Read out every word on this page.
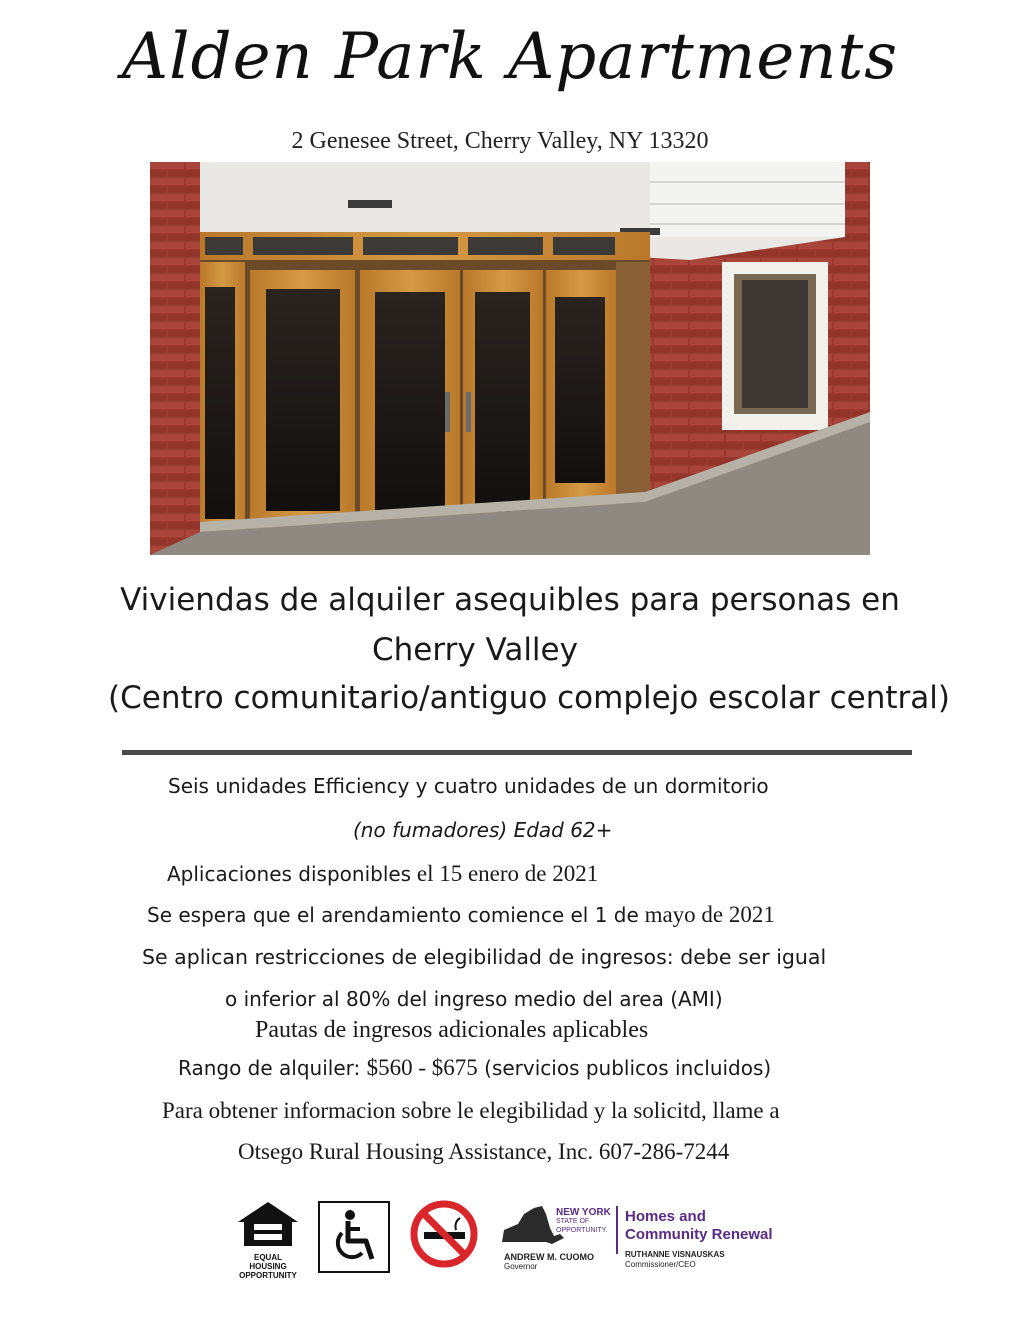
Alden Park Apartments
2 Genesee Street, Cherry Valley, NY 13320
Viviendas de alquiler asequibles para personas en
Cherry Valley
(Centro comunitario/antiguo complejo escolar central)
Seis unidades Efficiency y cuatro unidades de un dormitorio
(no fumadores) Edad 62+
Aplicaciones disponibles el 15 enero de 2021
Se espera que el arendamiento comience el 1 de mayo de 2021
Se aplican restricciones de elegibilidad de ingresos: debe ser igual
o inferior al 80% del ingreso medio del area (AMI)
Pautas de ingresos adicionales aplicables
Rango de alquiler: $560 - $675 (servicios publicos incluidos)
Para obtener informacion sobre le elegibilidad y la solicitd, llame a
Otsego Rural Housing Assistance, Inc. 607-286-7244
EQUAL HOUSING
OPPORTUNITY
NEW YORK
STATE OF
OPPORTUNITY.
ANDREW M. CUOMO
Governor
Homes and
Community Renewal
RUTHANNE VISNAUSKAS
Commissioner/CEO
